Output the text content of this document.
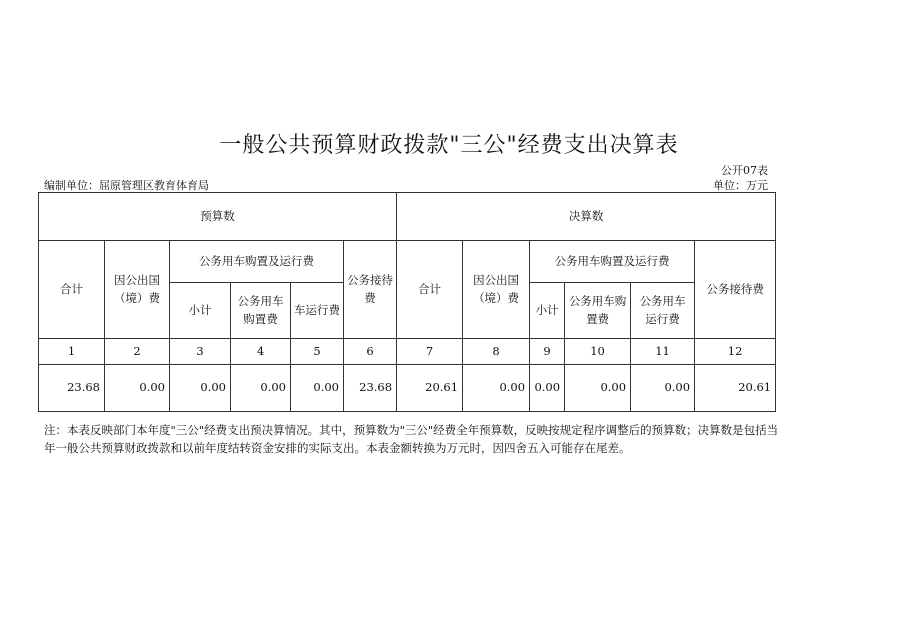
一般公共预算财政拨款"三公"经费支出决算表
公开07表
编制单位：屈原管理区教育体育局	单位：万元
预算数						决算数					
合计	因公出国（境）费	公务用车购置及运行费			公务接待费	合计	因公出国（境）费	公务用车购置及运行费			公务接待费
		小计	公务用车购置费	车运行费				小计	公务用车购置费	公务用车运行费	
1	2	3	4	5	6	7	8	9	10	11	12
23.68	0.00	0.00	0.00	0.00	23.68	20.61	0.00	0.00	0.00	0.00	20.61
注：本表反映部门本年度"三公"经费支出预决算情况。其中，预算数为"三公"经费全年预算数，反映按规定程序调整后的预算数；决算数是包括当年一般公共预算财政拨款和以前年度结转资金安排的实际支出。本表金额转换为万元时，因四舍五入可能存在尾差。
